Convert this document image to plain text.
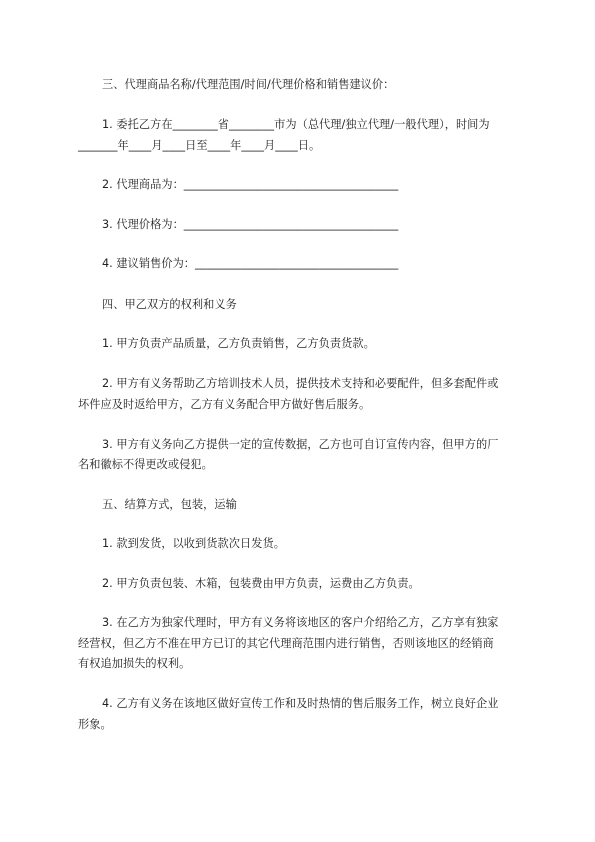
三、代理商品名称/代理范围/时间/代理价格和销售建议价：
1. 委托乙方在________省________市为（总代理/独立代理/一般代理），时间为
_______年____月____日至____年____月____日。
2. 代理商品为：______________________________________
3. 代理价格为：______________________________________
4. 建议销售价为：____________________________________
四、甲乙双方的权利和义务
1. 甲方负责产品质量，乙方负责销售，乙方负责货款。
2. 甲方有义务帮助乙方培训技术人员，提供技术支持和必要配件，但多套配件或
坏件应及时返给甲方，乙方有义务配合甲方做好售后服务。
3. 甲方有义务向乙方提供一定的宣传数据，乙方也可自订宣传内容，但甲方的厂
名和徽标不得更改或侵犯。
五、结算方式，包装，运输
1. 款到发货，以收到货款次日发货。
2. 甲方负责包装、木箱，包装费由甲方负责，运费由乙方负责。
3. 在乙方为独家代理时，甲方有义务将该地区的客户介绍给乙方，乙方享有独家
经营权，但乙方不准在甲方已订的其它代理商范围内进行销售，否则该地区的经销商
有权追加损失的权利。
4. 乙方有义务在该地区做好宣传工作和及时热情的售后服务工作，树立良好企业
形象。
